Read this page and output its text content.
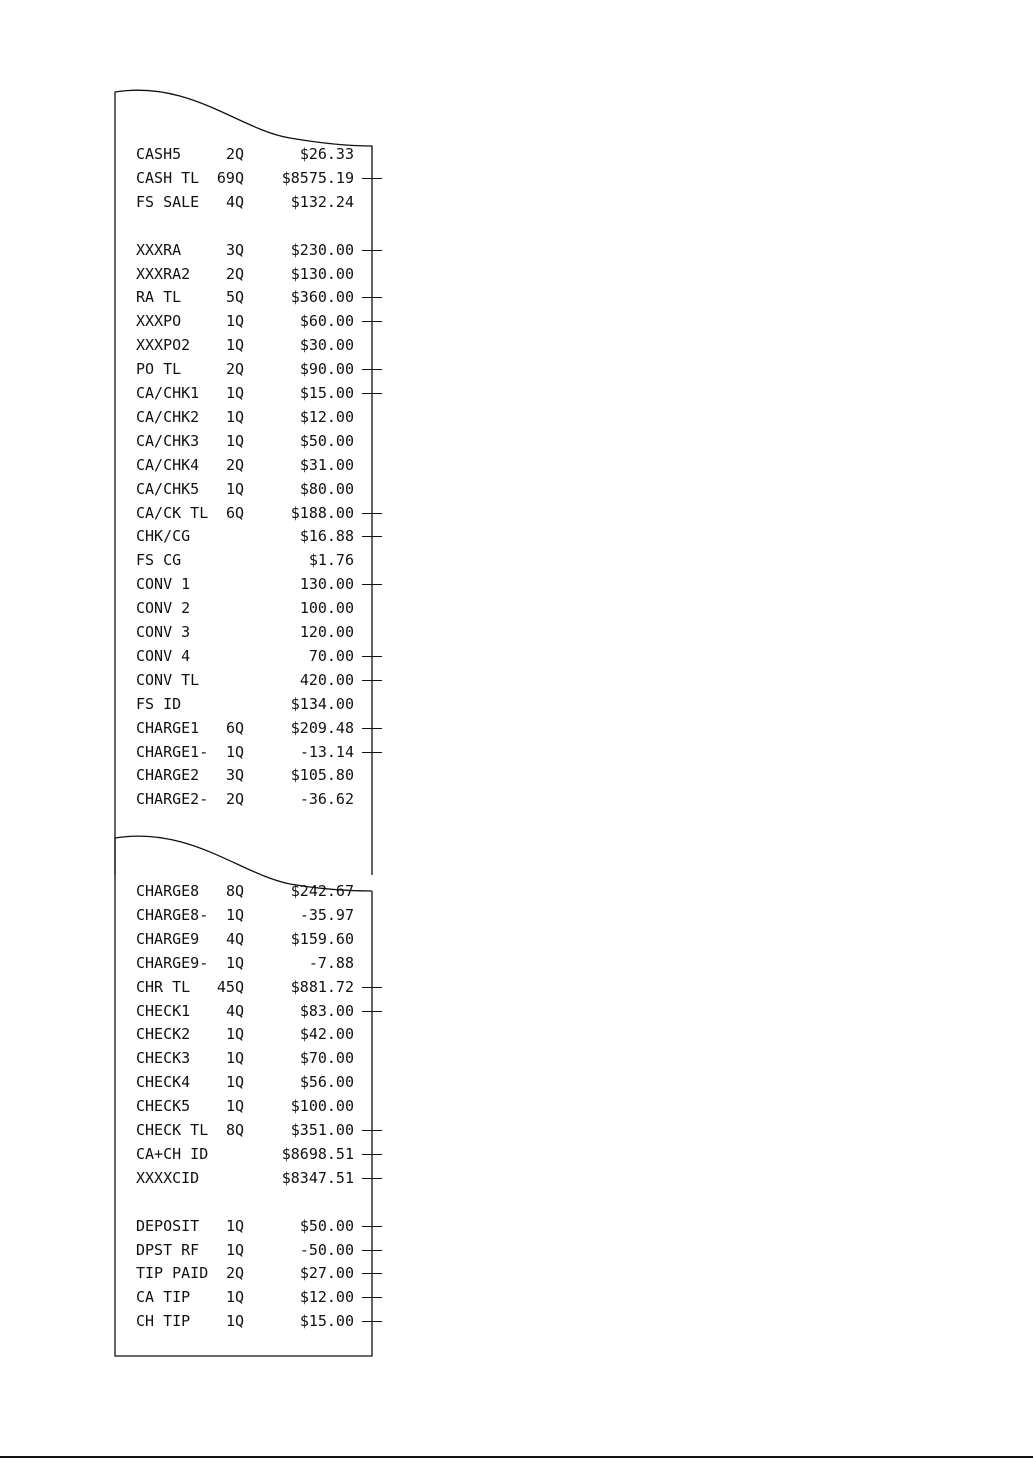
CASH5	2Q	$26.33
CASH TL	69Q	$8575.19
FS SALE	4Q	$132.24
XXXRA	3Q	$230.00
XXXRA2	2Q	$130.00
RA TL	5Q	$360.00
XXXPO	1Q	$60.00
XXXPO2	1Q	$30.00
PO TL	2Q	$90.00
CA/CHK1	1Q	$15.00
CA/CHK2	1Q	$12.00
CA/CHK3	1Q	$50.00
CA/CHK4	2Q	$31.00
CA/CHK5	1Q	$80.00
CA/CK TL	6Q	$188.00
CHK/CG	$16.88
FS CG	$1.76
CONV 1	130.00
CONV 2	100.00
CONV 3	120.00
CONV 4	70.00
CONV TL	420.00
FS ID	$134.00
CHARGE1	6Q	$209.48
CHARGE1-	1Q	-13.14
CHARGE2	3Q	$105.80
CHARGE2-	2Q	-36.62
CHARGE8	8Q	$242.67
CHARGE8-	1Q	-35.97
CHARGE9	4Q	$159.60
CHARGE9-	1Q	-7.88
CHR TL	45Q	$881.72
CHECK1	4Q	$83.00
CHECK2	1Q	$42.00
CHECK3	1Q	$70.00
CHECK4	1Q	$56.00
CHECK5	1Q	$100.00
CHECK TL	8Q	$351.00
CA+CH ID	$8698.51
XXXXCID	$8347.51
DEPOSIT	1Q	$50.00
DPST RF	1Q	-50.00
TIP PAID	2Q	$27.00
CA TIP	1Q	$12.00
CH TIP	1Q	$15.00
